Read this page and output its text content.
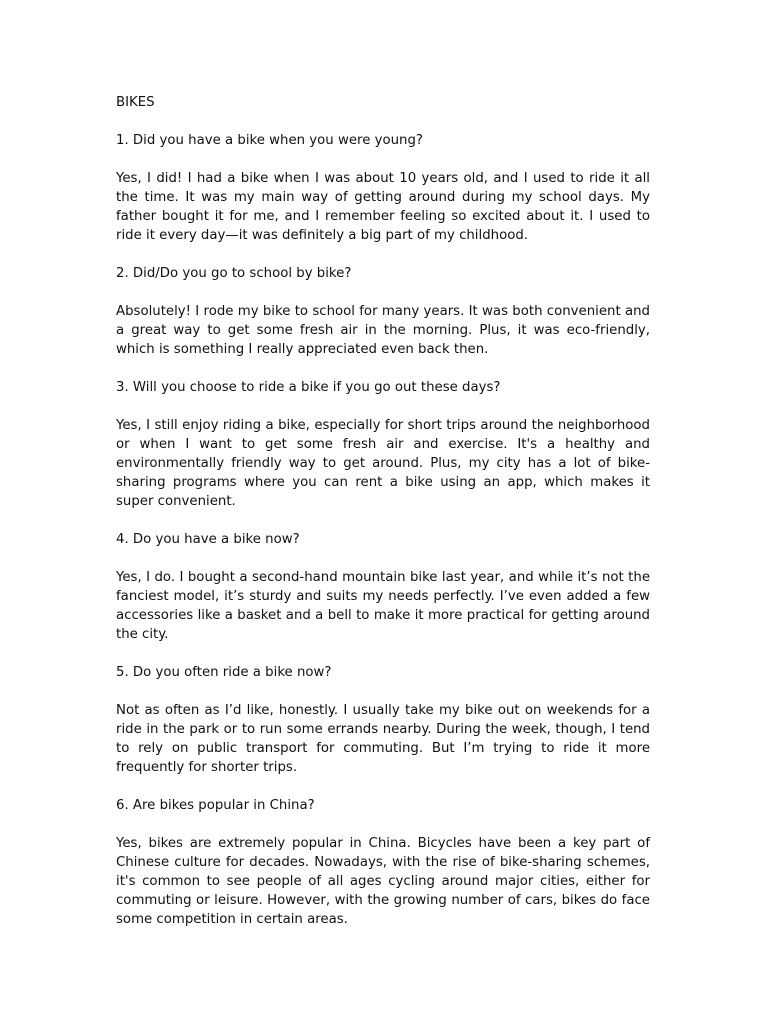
BIKES
1. Did you have a bike when you were young?
Yes, I did! I had a bike when I was about 10 years old, and I used to ride it all the time. It was my main way of getting around during my school days. My father bought it for me, and I remember feeling so excited about it. I used to ride it every day—it was definitely a big part of my childhood.
2. Did/Do you go to school by bike?
Absolutely! I rode my bike to school for many years. It was both convenient and a great way to get some fresh air in the morning. Plus, it was eco-friendly, which is something I really appreciated even back then.
3. Will you choose to ride a bike if you go out these days?
Yes, I still enjoy riding a bike, especially for short trips around the neighborhood or when I want to get some fresh air and exercise. It's a healthy and environmentally friendly way to get around. Plus, my city has a lot of bike-sharing programs where you can rent a bike using an app, which makes it super convenient.
4. Do you have a bike now?
Yes, I do. I bought a second-hand mountain bike last year, and while it’s not the fanciest model, it’s sturdy and suits my needs perfectly. I’ve even added a few accessories like a basket and a bell to make it more practical for getting around the city.
5. Do you often ride a bike now?
Not as often as I’d like, honestly. I usually take my bike out on weekends for a ride in the park or to run some errands nearby. During the week, though, I tend to rely on public transport for commuting. But I’m trying to ride it more frequently for shorter trips.
6. Are bikes popular in China?
Yes, bikes are extremely popular in China. Bicycles have been a key part of Chinese culture for decades. Nowadays, with the rise of bike-sharing schemes, it's common to see people of all ages cycling around major cities, either for commuting or leisure. However, with the growing number of cars, bikes do face some competition in certain areas.
